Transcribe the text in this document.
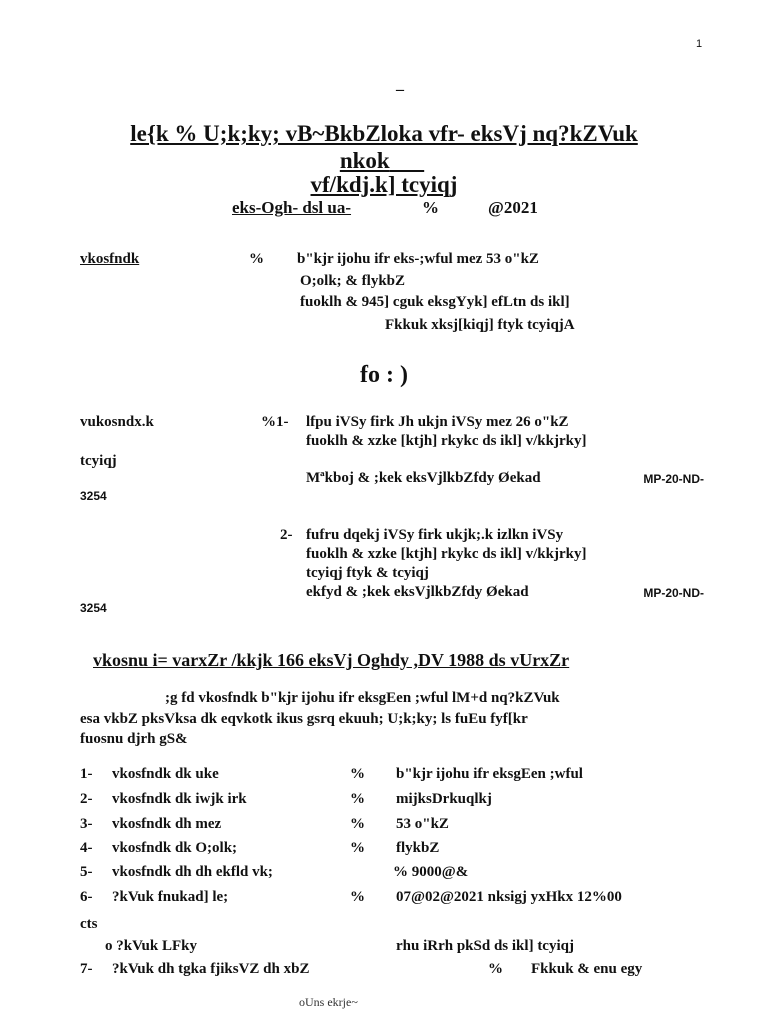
1
_
le{k % U;k;ky; vB~BkbZloka vfr- eksVj nq?kZVuk
nkok
vf/kdj.k] tcyiqj
eks-Ogh- dsl ua-	%	@2021
vkosfndk	% b"kjr ijohu ifr eks-;wful mez 53 o"kZ
O;olk; & flykbZ
fuoklh & 945] cguk eksgYyk] efLtn ds ikl]
Fkkuk xksj[kiqj] ftyk tcyiqjA
fo : )
vukosndx.k	%1- lfpu iVSy firk Jh ukjn iVSy mez 26 o"kZ
fuoklh & xzke [ktjh] rkykc ds ikl] v/kkjrky]
tcyiqj
Mªkboj & ;kek eksVjlkbZfdy Øekad	MP-20-ND-
3254
2- fufru dqekj iVSy firk ukjk;.k izlkn iVSy
fuoklh & xzke [ktjh] rkykc ds ikl] v/kkjrky]
tcyiqj ftyk & tcyiqj
ekfyd & ;kek eksVjlkbZfdy Øekad	MP-20-ND-
3254
vkosnu i= varxZr /kkjk 166 eksVj Oghdy ,DV 1988 ds vUrxZr
;g fd vkosfndk b"kjr ijohu ifr eksgEen ;wful lM+d nq?kZVuk
esa vkbZ pksVksa dk eqvkotk ikus gsrq ekuuh; U;k;ky; ls fuEu fyf[kr
fuosnu djrh gS&
1- vkosfndk dk uke	% b"kjr ijohu ifr eksgEen ;wful
2- vkosfndk dk iwjk irk	% mijksDrkuqlkj
3- vkosfndk dh mez	% 53 o"kZ
4- vkosfndk dk O;olk;	% flykbZ
5- vkosfndk dh dh ekfld vk;	% 9000@&
6- ?kVuk fnukad] le;	% 07@02@2021 nksigj yxHkx 12%00
cts
o ?kVuk LFky	rhu iRrh pkSd ds ikl] tcyiqj
7- ?kVuk dh tgka fjiksVZ dh xbZ	% Fkkuk & enu egy
oUns ekrje~
